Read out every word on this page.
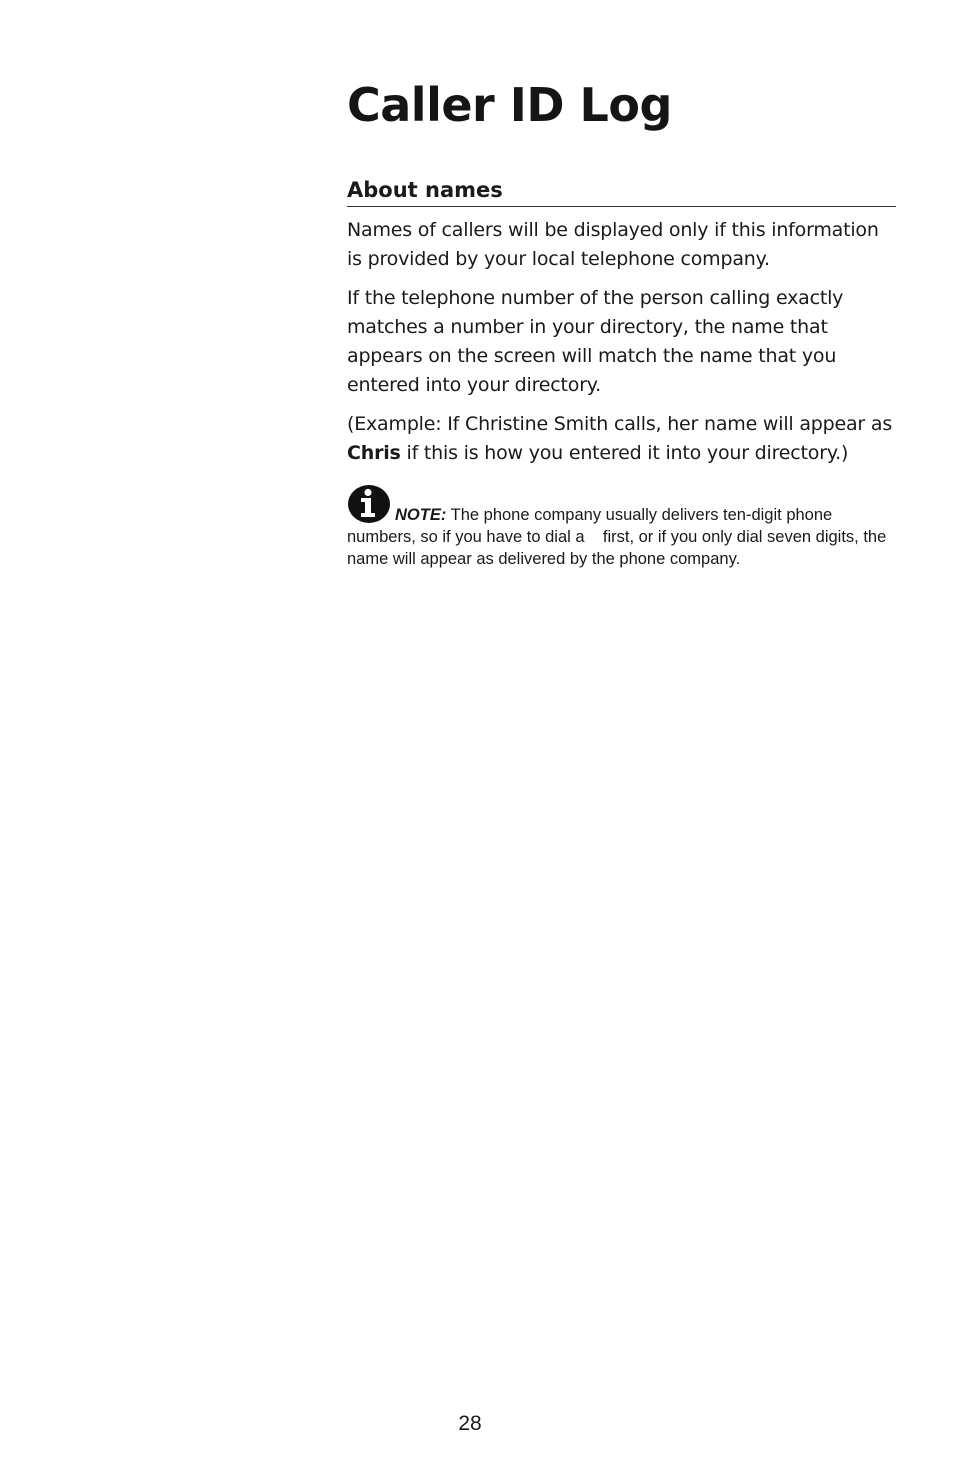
Caller ID Log
About names

Names of callers will be displayed only if this information is provided by your local telephone company.

If the telephone number of the person calling exactly matches a number in your directory, the name that appears on the screen will match the name that you entered into your directory.

(Example: If Christine Smith calls, her name will appear as Chris if this is how you entered it into your directory.)

NOTE: The phone company usually delivers ten-digit phone numbers, so if you have to dial a    first, or if you only dial seven digits, the name will appear as delivered by the phone company.
28
